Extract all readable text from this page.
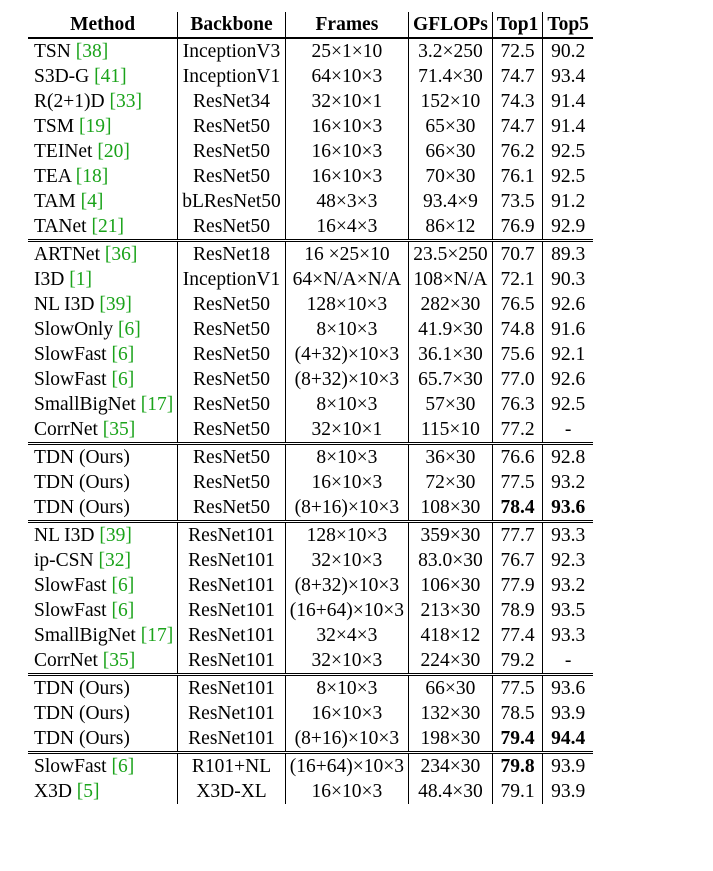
Method	Backbone	Frames	GFLOPs	Top1	Top5
TSN [38]	InceptionV3	25×1×10	3.2×250	72.5	90.2
S3D-G [41]	InceptionV1	64×10×3	71.4×30	74.7	93.4
R(2+1)D [33]	ResNet34	32×10×1	152×10	74.3	91.4
TSM [19]	ResNet50	16×10×3	65×30	74.7	91.4
TEINet [20]	ResNet50	16×10×3	66×30	76.2	92.5
TEA [18]	ResNet50	16×10×3	70×30	76.1	92.5
TAM [4]	bLResNet50	48×3×3	93.4×9	73.5	91.2
TANet [21]	ResNet50	16×4×3	86×12	76.9	92.9
ARTNet [36]	ResNet18	16 ×25×10	23.5×250	70.7	89.3
I3D [1]	InceptionV1	64×N/A×N/A	108×N/A	72.1	90.3
NL I3D [39]	ResNet50	128×10×3	282×30	76.5	92.6
SlowOnly [6]	ResNet50	8×10×3	41.9×30	74.8	91.6
SlowFast [6]	ResNet50	(4+32)×10×3	36.1×30	75.6	92.1
SlowFast [6]	ResNet50	(8+32)×10×3	65.7×30	77.0	92.6
SmallBigNet [17]	ResNet50	8×10×3	57×30	76.3	92.5
CorrNet [35]	ResNet50	32×10×1	115×10	77.2	-
TDN (Ours)	ResNet50	8×10×3	36×30	76.6	92.8
TDN (Ours)	ResNet50	16×10×3	72×30	77.5	93.2
TDN (Ours)	ResNet50	(8+16)×10×3	108×30	78.4	93.6
NL I3D [39]	ResNet101	128×10×3	359×30	77.7	93.3
ip-CSN [32]	ResNet101	32×10×3	83.0×30	76.7	92.3
SlowFast [6]	ResNet101	(8+32)×10×3	106×30	77.9	93.2
SlowFast [6]	ResNet101	(16+64)×10×3	213×30	78.9	93.5
SmallBigNet [17]	ResNet101	32×4×3	418×12	77.4	93.3
CorrNet [35]	ResNet101	32×10×3	224×30	79.2	-
TDN (Ours)	ResNet101	8×10×3	66×30	77.5	93.6
TDN (Ours)	ResNet101	16×10×3	132×30	78.5	93.9
TDN (Ours)	ResNet101	(8+16)×10×3	198×30	79.4	94.4
SlowFast [6]	R101+NL	(16+64)×10×3	234×30	79.8	93.9
X3D [5]	X3D-XL	16×10×3	48.4×30	79.1	93.9
